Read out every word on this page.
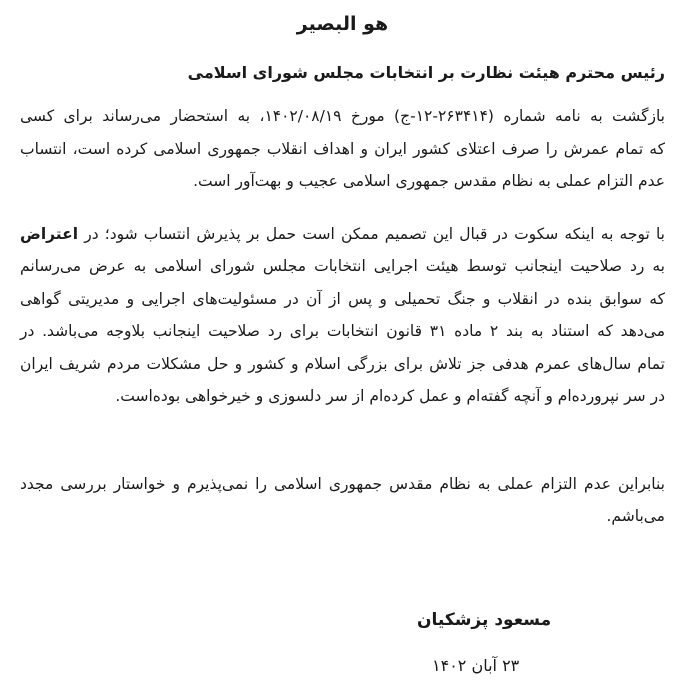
هو البصیر
رئیس محترم هیئت نظارت بر انتخابات مجلس شورای اسلامی
بازگشت به نامه شماره (۲۶۳۴۱۴-۱۲-ج) مورخ ۱۴۰۲/۰۸/۱۹، به استحضار می‌رساند برای کسی
که تمام عمرش را صرف اعتلای کشور ایران و اهداف انقلاب جمهوری اسلامی کرده است، انتساب
عدم التزام عملی به نظام مقدس جمهوری اسلامی عجیب و بهت‌آور است.
با توجه به اینکه سکوت در قبال این تصمیم ممکن است حمل بر پذیرش انتساب شود؛ در اعتراض
به رد صلاحیت اینجانب توسط هیئت اجرایی انتخابات مجلس شورای اسلامی به عرض می‌رسانم
که سوابق بنده در انقلاب و جنگ تحمیلی و پس از آن در مسئولیت‌های اجرایی و مدیریتی گواهی
می‌دهد که استناد به بند ۲ ماده ۳۱ قانون انتخابات برای رد صلاحیت اینجانب بلاوجه می‌باشد. در
تمام سال‌های عمرم هدفی جز تلاش برای بزرگی اسلام و کشور و حل مشکلات مردم شریف ایران
در سر نپرورده‌ام و آنچه گفته‌ام و عمل کرده‌ام از سر دلسوزی و خیرخواهی بوده‌است.
بنابراین عدم التزام عملی به نظام مقدس جمهوری اسلامی را نمی‌پذیرم و خواستار بررسی مجدد
می‌باشم.
مسعود پزشکیان
۲۳ آبان ۱۴۰۲
